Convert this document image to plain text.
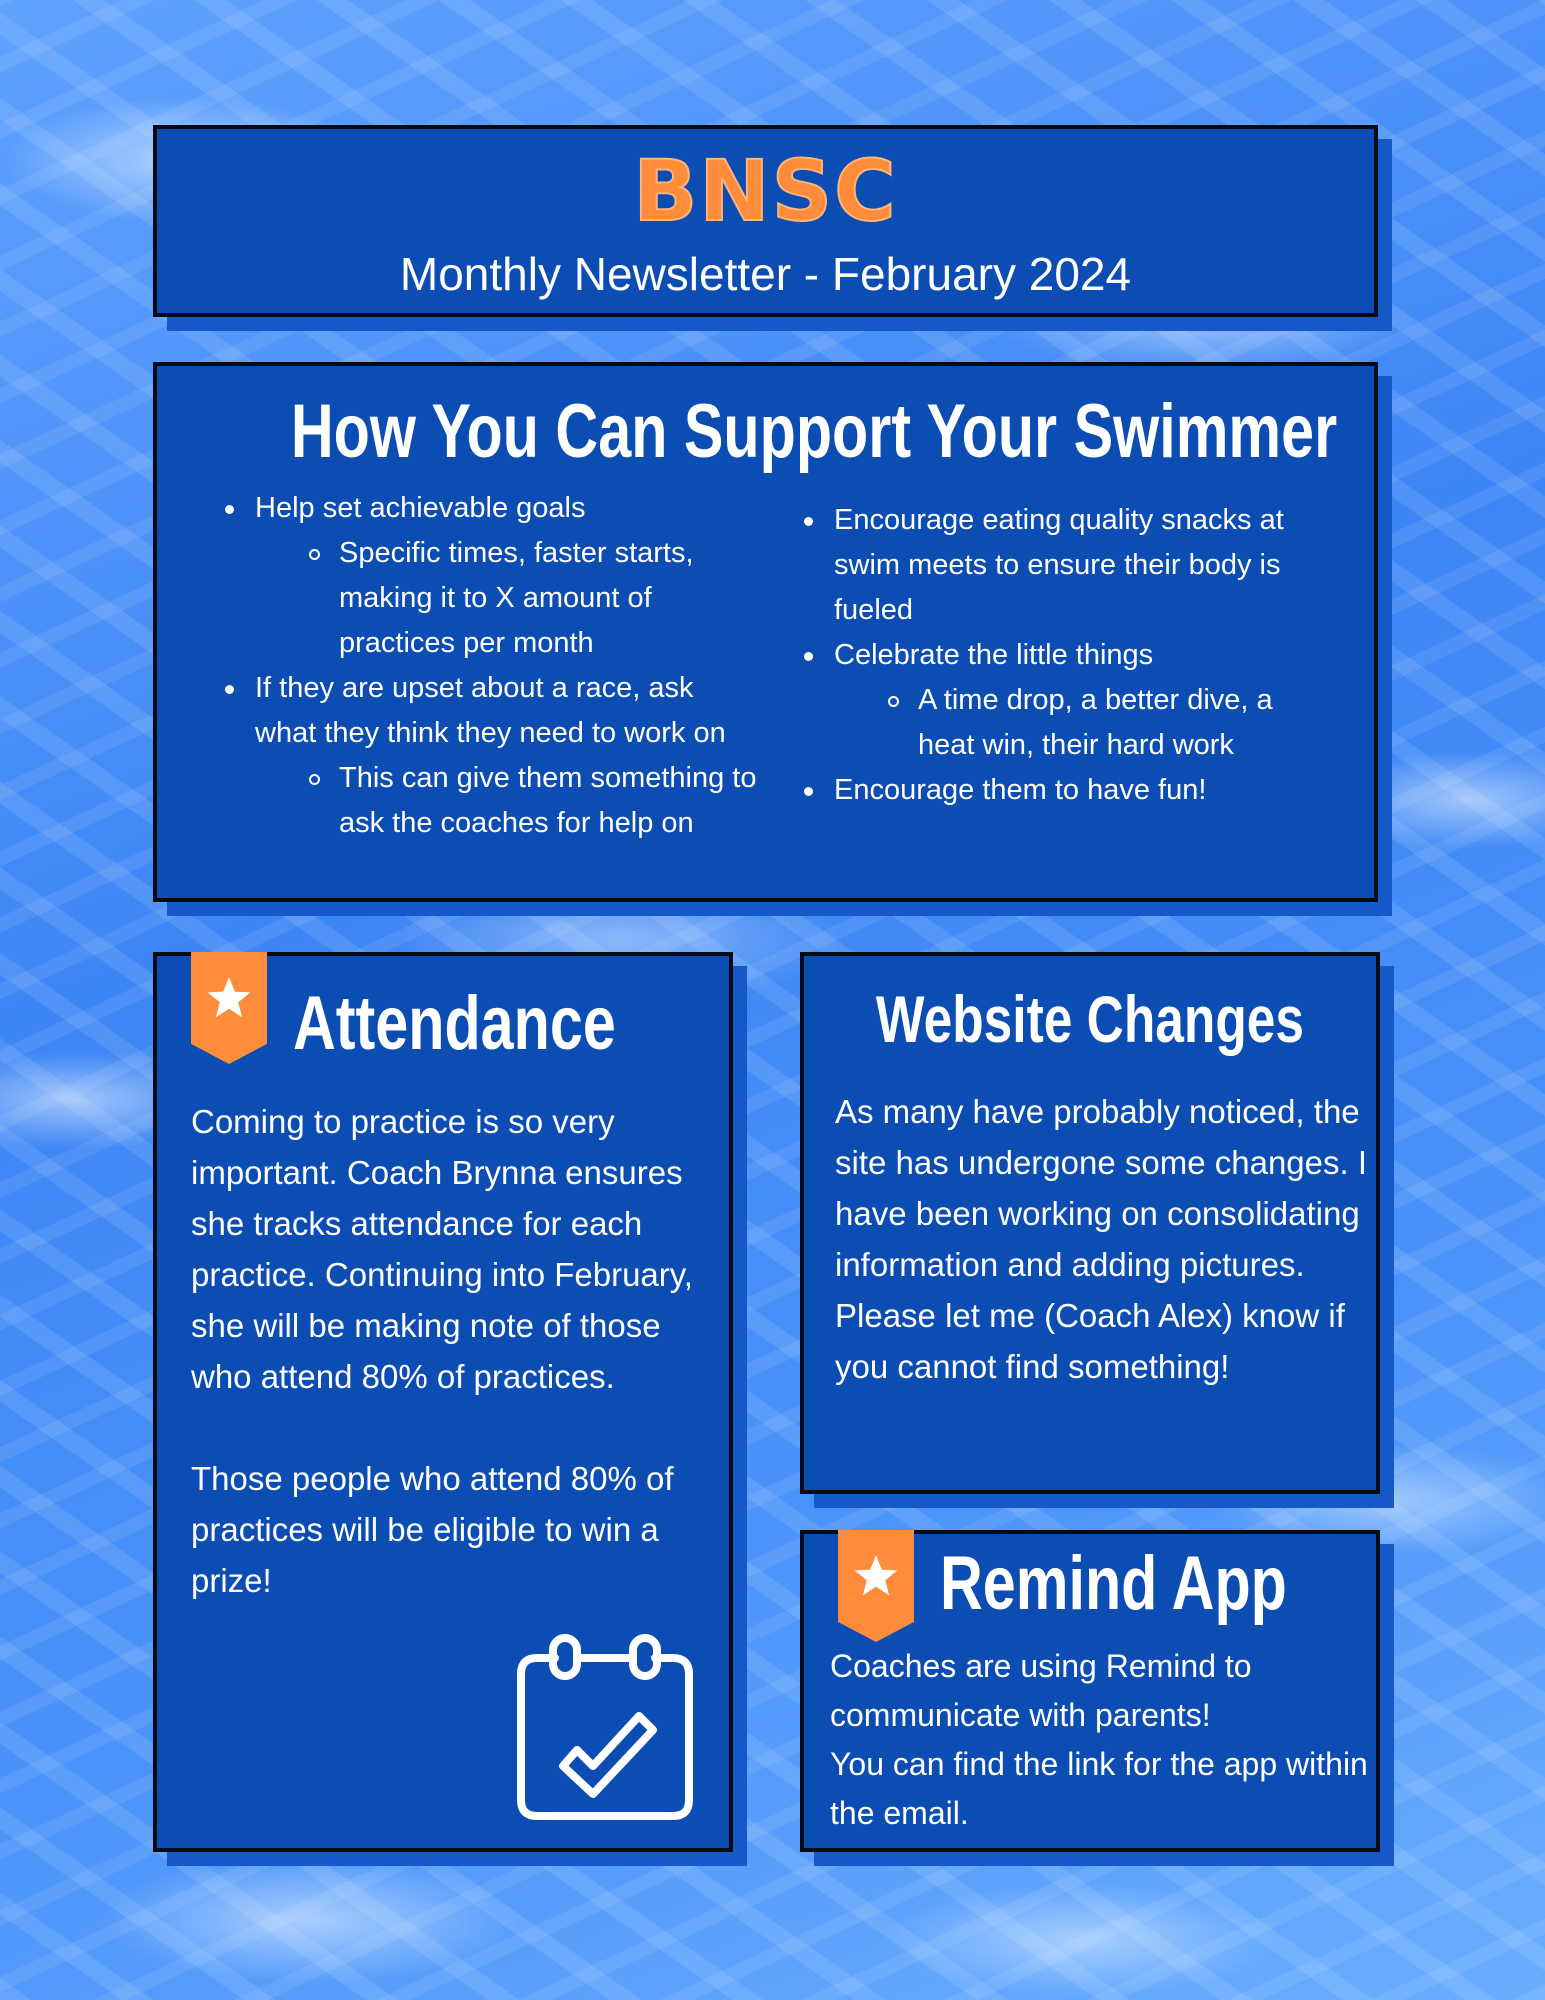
BNSC
Monthly Newsletter - February 2024
How You Can Support Your Swimmer
Help set achievable goals
Specific times, faster starts,
making it to X amount of
practices per month
If they are upset about a race, ask
what they think they need to work on
This can give them something to
ask the coaches for help on
Encourage eating quality snacks at
swim meets to ensure their body is
fueled
Celebrate the little things
A time drop, a better dive, a
heat win, their hard work
Encourage them to have fun!
Attendance

Coming to practice is so very important. Coach Brynna ensures she tracks attendance for each practice. Continuing into February, she will be making note of those who attend 80% of practices.

Those people who attend 80% of practices will be eligible to win a prize!

Website Changes
As many have probably noticed, the site has undergone some changes. I have been working on consolidating information and adding pictures.
Please let me (Coach Alex) know if you cannot find something!
Remind App
Coaches are using Remind to communicate with parents!
You can find the link for the app within the email.
